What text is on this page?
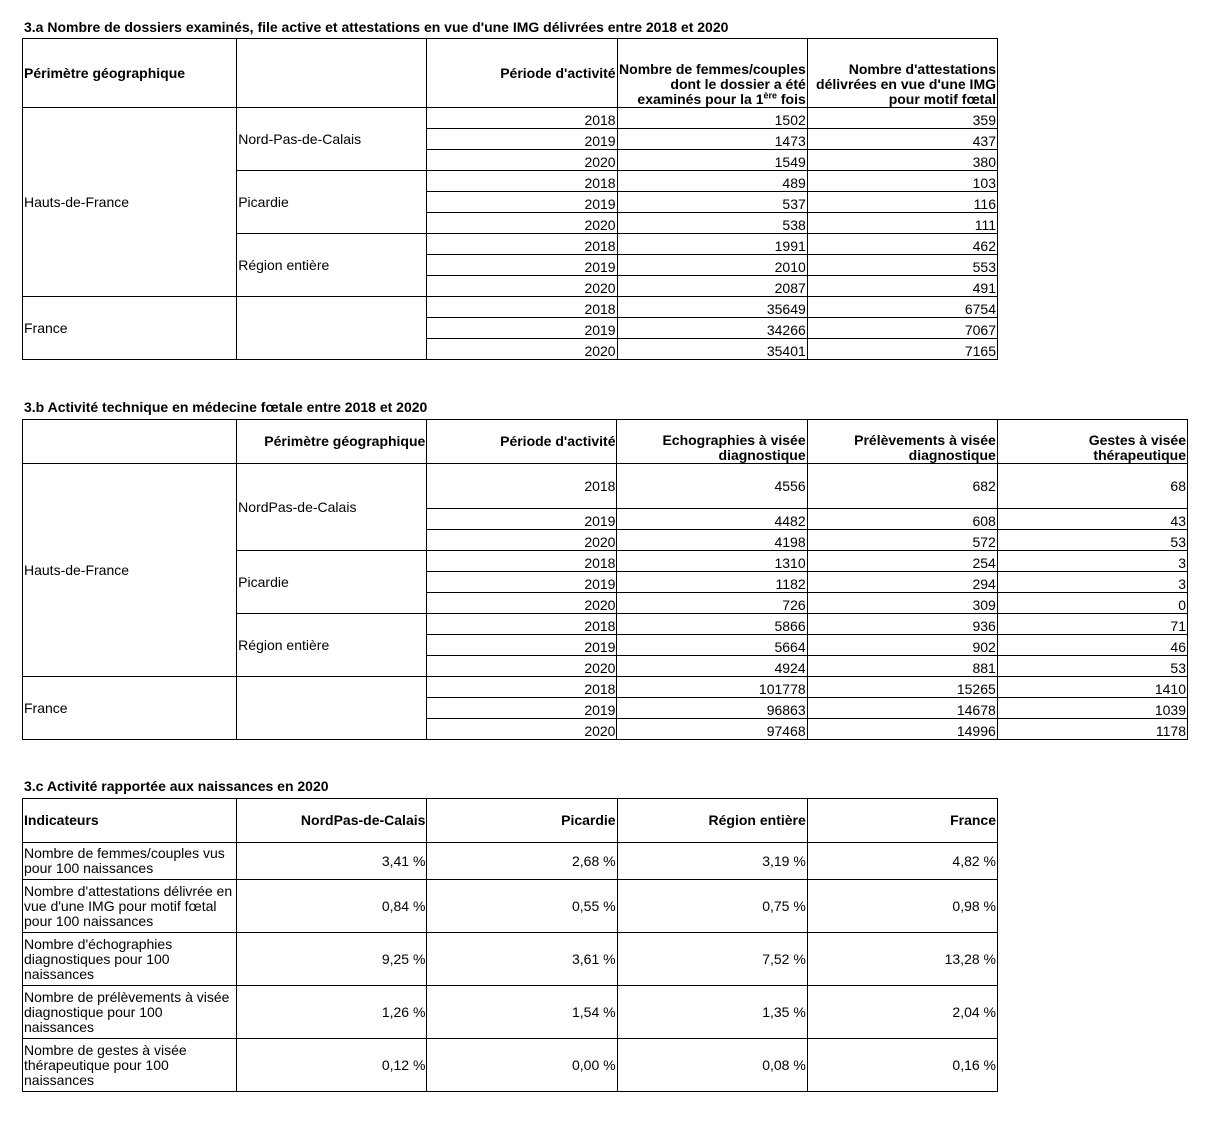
3.a Nombre de dossiers examinés, file active et attestations en vue d'une IMG délivrées entre 2018 et 2020
Périmètre géographique		Période d'activité	Nombre de femmes/couples dont le dossier a été examinés pour la 1ère fois	Nombre d'attestations délivrées en vue d'une IMG pour motif fœtal
Hauts-de-France	Nord-Pas-de-Calais	2018	1502	359
		2019	1473	437
		2020	1549	380
	Picardie	2018	489	103
		2019	537	116
		2020	538	111
	Région entière	2018	1991	462
		2019	2010	553
		2020	2087	491
France		2018	35649	6754
		2019	34266	7067
		2020	35401	7165
3.b Activité technique en médecine fœtale entre 2018 et 2020
	Périmètre géographique	Période d'activité	Echographies à visée diagnostique	Prélèvements à visée diagnostique	Gestes à visée thérapeutique
Hauts-de-France	NordPas-de-Calais	2018	4556	682	68
		2019	4482	608	43
		2020	4198	572	53
	Picardie	2018	1310	254	3
		2019	1182	294	3
		2020	726	309	0
	Région entière	2018	5866	936	71
		2019	5664	902	46
		2020	4924	881	53
France		2018	101778	15265	1410
		2019	96863	14678	1039
		2020	97468	14996	1178
3.c Activité rapportée aux naissances en 2020
Indicateurs	NordPas-de-Calais	Picardie	Région entière	France
Nombre de femmes/couples vus pour 100 naissances	3,41 %	2,68 %	3,19 %	4,82 %
Nombre d'attestations délivrée en vue d'une IMG pour motif fœtal pour 100 naissances	0,84 %	0,55 %	0,75 %	0,98 %
Nombre d'échographies diagnostiques pour 100 naissances	9,25 %	3,61 %	7,52 %	13,28 %
Nombre de prélèvements à visée diagnostique pour 100 naissances	1,26 %	1,54 %	1,35 %	2,04 %
Nombre de gestes à visée thérapeutique pour 100 naissances	0,12 %	0,00 %	0,08 %	0,16 %
